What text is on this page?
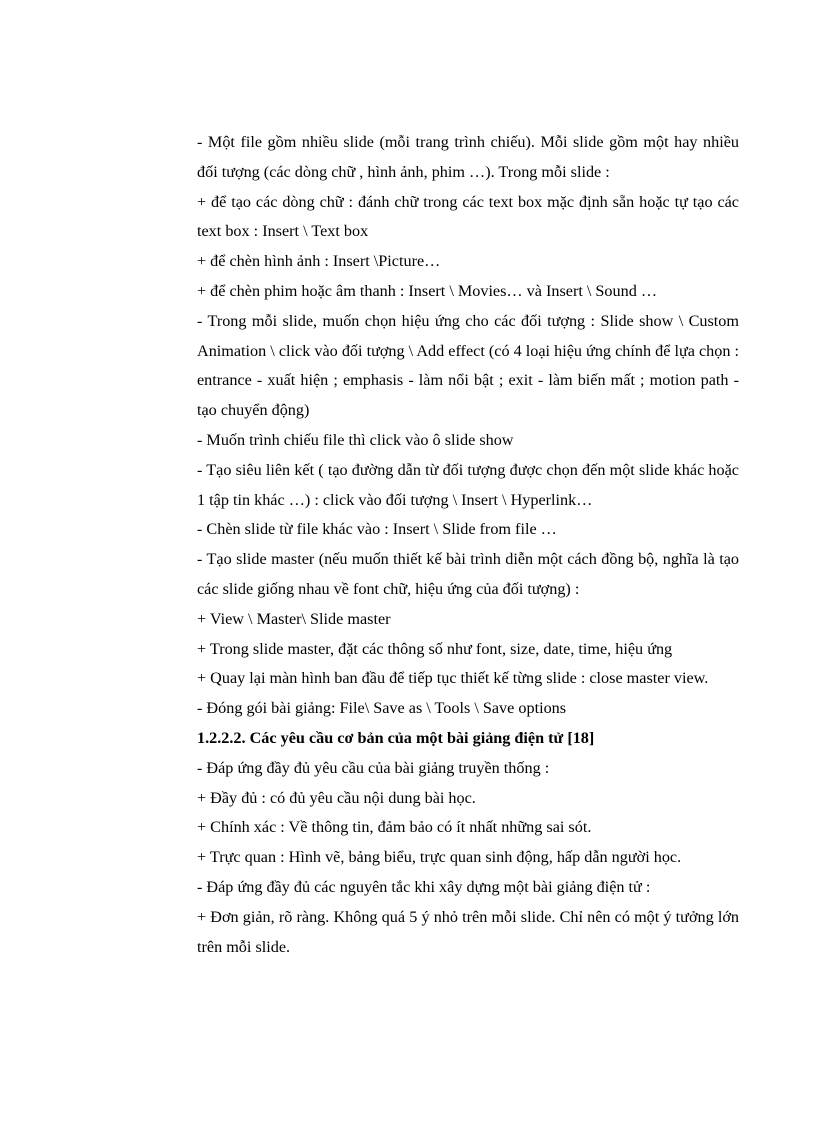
- Một file gồm nhiều slide (mỗi trang trình chiếu). Mỗi slide gồm một hay nhiều đối tượng (các dòng chữ , hình ảnh, phim …). Trong mỗi slide :

+ để tạo các dòng chữ : đánh chữ trong các text box mặc định sẵn hoặc tự tạo các text box : Insert \ Text box

+ để chèn hình ảnh : Insert \Picture…

+ để chèn phim hoặc âm thanh : Insert \ Movies… và Insert \ Sound …

- Trong mỗi slide, muốn chọn hiệu ứng cho các đối tượng : Slide show \ Custom Animation \ click vào đối tượng \ Add effect (có 4 loại hiệu ứng chính để lựa chọn : entrance - xuất hiện ; emphasis - làm nổi bật ; exit - làm biến mất ; motion path - tạo chuyển động)

- Muốn trình chiếu file thì click vào ô slide show

- Tạo siêu liên kết ( tạo đường dẫn từ đối tượng được chọn đến một slide khác hoặc 1 tập tin khác …) : click vào đối tượng \ Insert \ Hyperlink…

- Chèn slide từ file khác vào : Insert \ Slide from file …

- Tạo slide master (nếu muốn thiết kế bài trình diễn một cách đồng bộ, nghĩa là tạo các slide giống nhau về font chữ, hiệu ứng của đối tượng) :

+ View \ Master\ Slide master

+ Trong slide master, đặt các thông số như font, size, date, time, hiệu ứng

+ Quay lại màn hình ban đầu để tiếp tục thiết kế từng slide : close master view.

- Đóng gói bài giảng: File\ Save as \ Tools \ Save options

1.2.2.2. Các yêu cầu cơ bản của một bài giảng điện tử [18]

- Đáp ứng đầy đủ yêu cầu của bài giảng truyền thống :

+ Đầy đủ : có đủ yêu cầu nội dung bài học.

+ Chính xác : Về thông tin, đảm bảo có ít nhất những sai sót.

+ Trực quan : Hình vẽ, bảng biểu, trực quan sinh động, hấp dẫn người học.

- Đáp ứng đầy đủ các nguyên tắc khi xây dựng một bài giảng điện tử :

+ Đơn giản, rõ ràng. Không quá 5 ý nhỏ trên mỗi slide. Chỉ nên có một ý tưởng lớn trên mỗi slide.
